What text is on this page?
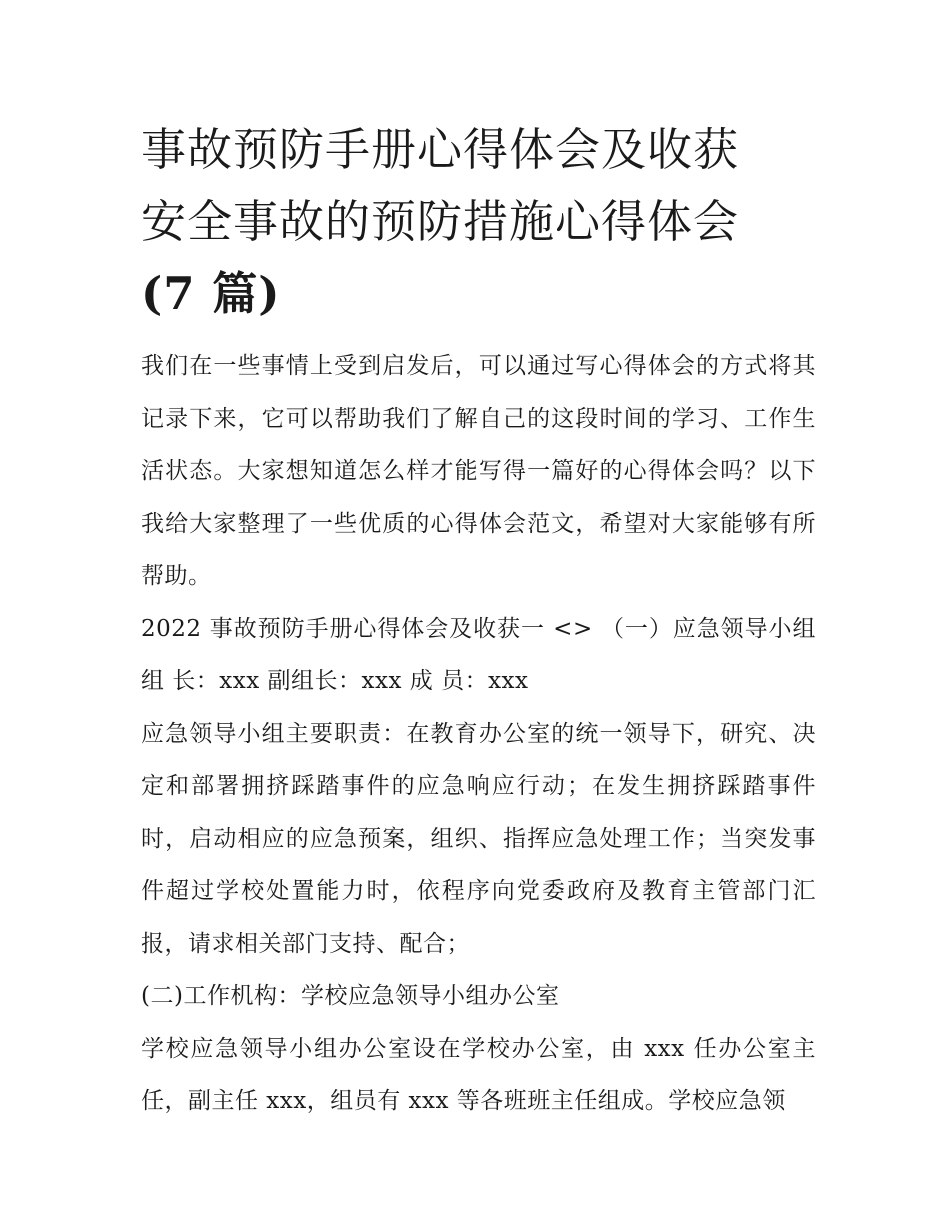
事故预防手册心得体会及收获
安全事故的预防措施心得体会
(7 篇)

我们在一些事情上受到启发后，可以通过写心得体会的方式将其记录下来，它可以帮助我们了解自己的这段时间的学习、工作生活状态。大家想知道怎么样才能写得一篇好的心得体会吗？以下我给大家整理了一些优质的心得体会范文，希望对大家能够有所帮助。

2022 事故预防手册心得体会及收获一 <> （一）应急领导小组组 长：xxx 副组长：xxx 成 员：xxx

应急领导小组主要职责：在教育办公室的统一领导下，研究、决定和部署拥挤踩踏事件的应急响应行动；在发生拥挤踩踏事件时，启动相应的应急预案，组织、指挥应急处理工作；当突发事件超过学校处置能力时，依程序向党委政府及教育主管部门汇报，请求相关部门支持、配合；

(二)工作机构：学校应急领导小组办公室

学校应急领导小组办公室设在学校办公室，由 xxx 任办公室主任，副主任 xxx，组员有 xxx 等各班班主任组成。学校应急领
